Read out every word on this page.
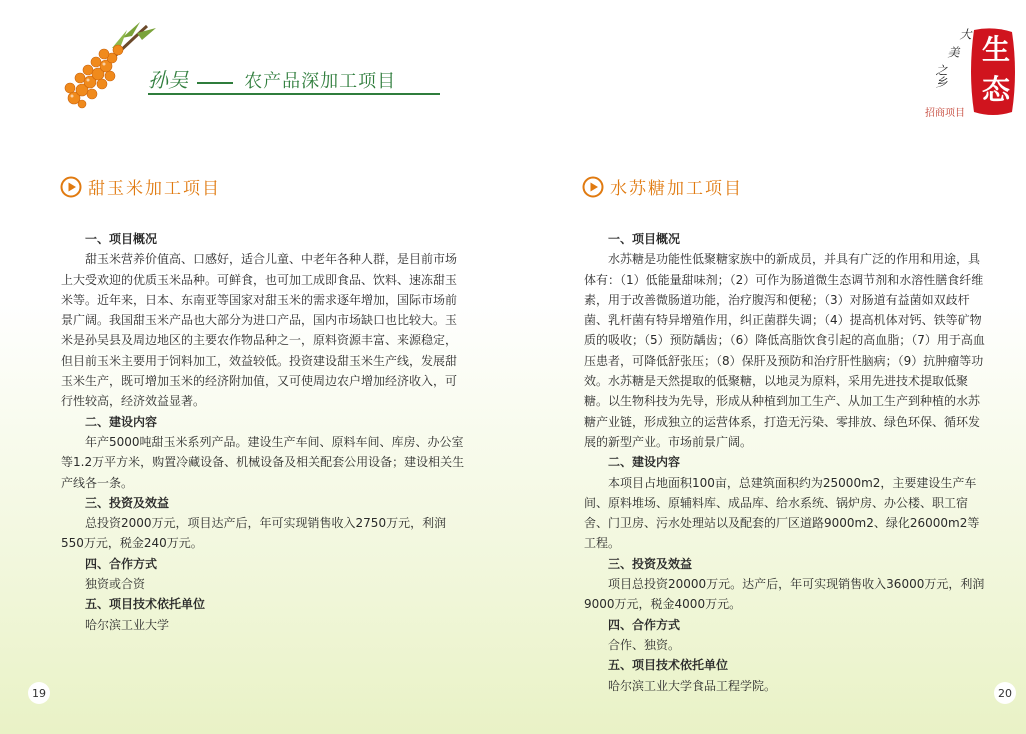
孙吴	农产品深加工项目
大
美
之乡
生
态
招商项目
甜玉米加工项目

一、项目概况

甜玉米营养价值高、口感好，适合儿童、中老年各种人群，是目前市场上大受欢迎的优质玉米品种。可鲜食，也可加工成即食品、饮料、速冻甜玉米等。近年来，日本、东南亚等国家对甜玉米的需求逐年增加，国际市场前景广阔。我国甜玉米产品也大部分为进口产品，国内市场缺口也比较大。玉米是孙吴县及周边地区的主要农作物品种之一，原料资源丰富、来源稳定，但目前玉米主要用于饲料加工，效益较低。投资建设甜玉米生产线，发展甜玉米生产，既可增加玉米的经济附加值，又可使周边农户增加经济收入，可行性较高，经济效益显著。

二、建设内容

年产5000吨甜玉米系列产品。建设生产车间、原料车间、库房、办公室等1.2万平方米，购置冷藏设备、机械设备及相关配套公用设备；建设相关生产线各一条。

三、投资及效益

总投资2000万元，项目达产后，年可实现销售收入2750万元，利润550万元，税金240万元。

四、合作方式

独资或合资

五、项目技术依托单位

哈尔滨工业大学

水苏糖加工项目

一、项目概况

水苏糖是功能性低聚糖家族中的新成员，并具有广泛的作用和用途，具体有：（1）低能量甜味剂；（2）可作为肠道微生态调节剂和水溶性膳食纤维素，用于改善微肠道功能，治疗腹泻和便秘；（3）对肠道有益菌如双歧杆菌、乳杆菌有特异增殖作用，纠正菌群失调；（4）提高机体对钙、铁等矿物质的吸收；（5）预防龋齿；（6）降低高脂饮食引起的高血脂；（7）用于高血压患者，可降低舒张压；（8）保肝及预防和治疗肝性脑病；（9）抗肿瘤等功效。水苏糖是天然提取的低聚糖，以地灵为原料，采用先进技术提取低聚糖。以生物科技为先导，形成从种植到加工生产、从加工生产到种植的水苏糖产业链，形成独立的运营体系，打造无污染、零排放、绿色环保、循环发展的新型产业。市场前景广阔。

二、建设内容

本项目占地面积100亩，总建筑面积约为25000m2，主要建设生产车间、原料堆场、原辅料库、成品库、给水系统、锅炉房、办公楼、职工宿舍、门卫房、污水处理站以及配套的厂区道路9000m2、绿化26000m2等工程。

三、投资及效益

项目总投资20000万元。达产后，年可实现销售收入36000万元，利润9000万元，税金4000万元。

四、合作方式

合作、独资。

五、项目技术依托单位

哈尔滨工业大学食品工程学院。

19	20
